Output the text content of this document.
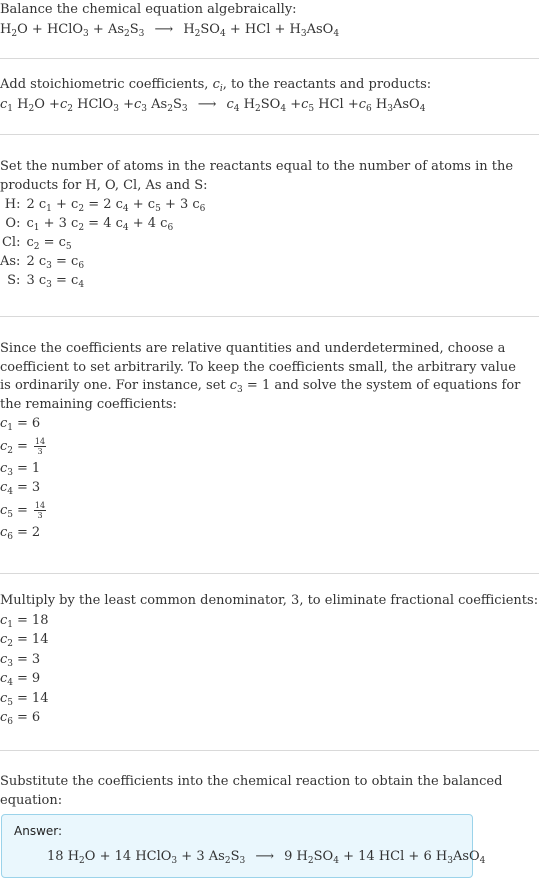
Balance the chemical equation algebraically:

$H_2O$ + HClO$_3$ + $As_2S_3$ ⟶ $H_2SO_4$ + HCl + $H_3AsO_4$

Add stoichiometric coefficients, $c_i$, to the reactants and products:

$c_1$ $H_2O +c_2$ HClO$_3$ $+c_3$ $As_2S_3$ ⟶ $c_4$ $H_2SO_4 +c_5$ HCl $+c_6$ $H_3AsO_4$

Set the number of atoms in the reactants equal to the number of atoms in the products for H, O, Cl, As and S:

H:	2 $c_1 + c_2 = 2$ $c_4 + c_5 + 3$ $c_6$
O:	$c_1 + 3$ $c_2 = 4$ $c_4 + 4$ $c_6$
Cl:	$c_2 = c_5$
As:	2 $c_3 = c_6$
S:	3 $c_3 = c_4$

Since the coefficients are relative quantities and underdetermined, choose a coefficient to set arbitrarily. To keep the coefficients small, the arbitrary value is ordinarily one. For instance, set $c_3 = 1$ and solve the system of equations for the remaining coefficients:

$c_1 = 6$
$c_2 = \frac{14}{3}$
$c_3 = 1$
$c_4 = 3$
$c_5 = \frac{14}{3}$
$c_6 = 2$

Multiply by the least common denominator, 3, to eliminate fractional coefficients:

$c_1 = 18$
$c_2 = 14$
$c_3 = 3$
$c_4 = 9$
$c_5 = 14$
$c_6 = 6$

Substitute the coefficients into the chemical reaction to obtain the balanced equation:

Answer:
18 $H_2O + 14$ HClO$_3$ + 3 $As_2S_3$ ⟶ 9 $H_2SO_4 + 14$ HCl + 6 $H_3AsO_4$
